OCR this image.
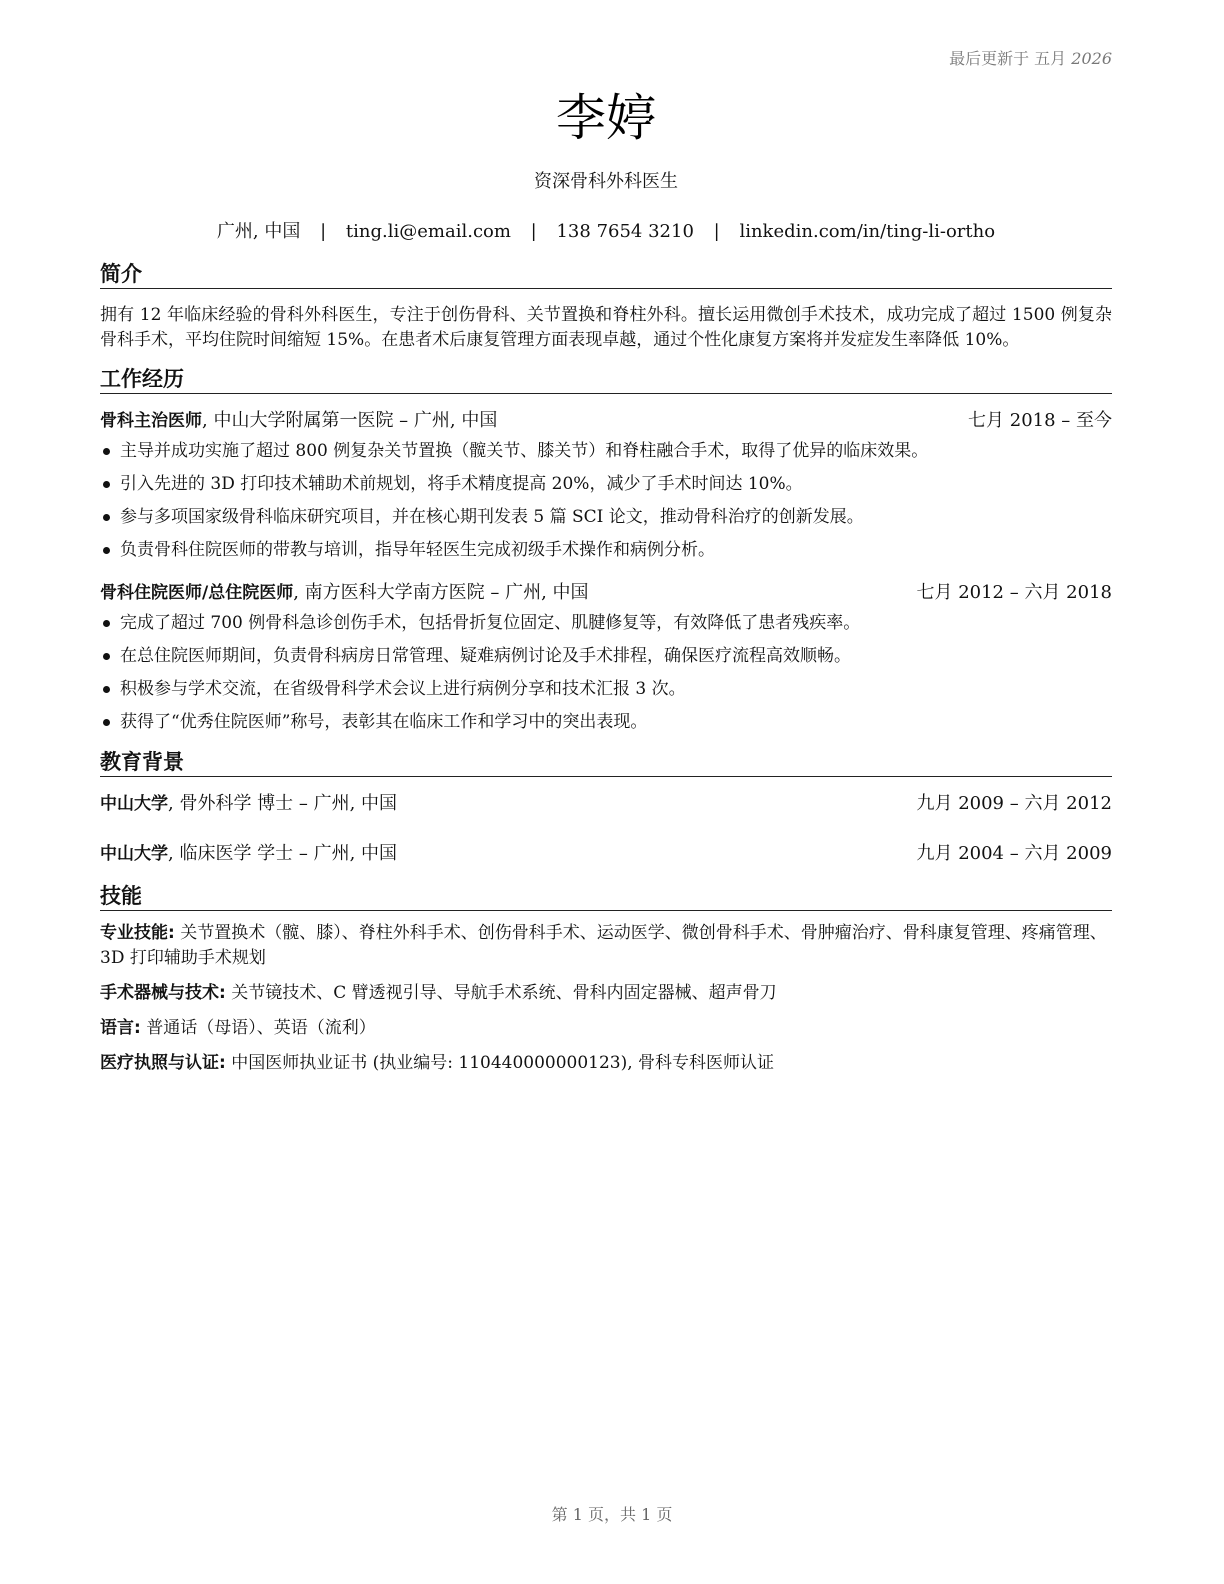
最后更新于 五月 2026
李婷
资深骨科外科医生
广州, 中国 | ting.li@email.com | 138 7654 3210 | linkedin.com/in/ting-li-ortho
简介
拥有 12 年临床经验的骨科外科医生，专注于创伤骨科、关节置换和脊柱外科。擅长运用微创手术技术，成功完成了超过 1500 例复杂骨科手术，平均住院时间缩短 15%。在患者术后康复管理方面表现卓越，通过个性化康复方案将并发症发生率降低 10%。
工作经历
骨科主治医师, 中山大学附属第一医院 – 广州, 中国	七月 2018 – 至今
主导并成功实施了超过 800 例复杂关节置换（髋关节、膝关节）和脊柱融合手术，取得了优异的临床效果。
引入先进的 3D 打印技术辅助术前规划，将手术精度提高 20%，减少了手术时间达 10%。
参与多项国家级骨科临床研究项目，并在核心期刊发表 5 篇 SCI 论文，推动骨科治疗的创新发展。
负责骨科住院医师的带教与培训，指导年轻医生完成初级手术操作和病例分析。
骨科住院医师/总住院医师, 南方医科大学南方医院 – 广州, 中国	七月 2012 – 六月 2018
完成了超过 700 例骨科急诊创伤手术，包括骨折复位固定、肌腱修复等，有效降低了患者残疾率。
在总住院医师期间，负责骨科病房日常管理、疑难病例讨论及手术排程，确保医疗流程高效顺畅。
积极参与学术交流，在省级骨科学术会议上进行病例分享和技术汇报 3 次。
获得了“优秀住院医师”称号，表彰其在临床工作和学习中的突出表现。
教育背景
中山大学, 骨外科学 博士 – 广州, 中国	九月 2009 – 六月 2012
中山大学, 临床医学 学士 – 广州, 中国	九月 2004 – 六月 2009
技能
专业技能: 关节置换术（髋、膝）、脊柱外科手术、创伤骨科手术、运动医学、微创骨科手术、骨肿瘤治疗、骨科康复管理、疼痛管理、3D 打印辅助手术规划
手术器械与技术: 关节镜技术、C 臂透视引导、导航手术系统、骨科内固定器械、超声骨刀
语言: 普通话（母语）、英语（流利）
医疗执照与认证: 中国医师执业证书 (执业编号: 110440000000123), 骨科专科医师认证
第 1 页，共 1 页
